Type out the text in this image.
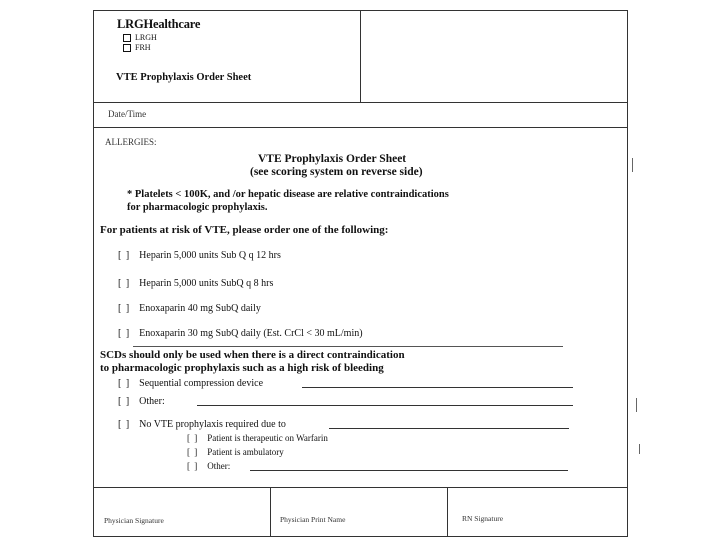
LRGHealthcare
LRGH
FRH
VTE Prophylaxis Order Sheet
Date/Time
ALLERGIES:
VTE Prophylaxis Order Sheet
(see scoring system on reverse side)
* Platelets < 100K, and /or hepatic disease are relative contraindications
for pharmacologic prophylaxis.
For patients at risk of VTE, please order one of the following:
[ ] Heparin 5,000 units Sub Q q 12 hrs
[ ] Heparin 5,000 units SubQ q 8 hrs
[ ] Enoxaparin 40 mg SubQ daily
[ ] Enoxaparin 30 mg SubQ daily (Est. CrCl < 30 mL/min)
SCDs should only be used when there is a direct contraindication
to pharmacologic prophylaxis such as a high risk of bleeding
[ ] Sequential compression device
[ ] Other:
[ ] No VTE prophylaxis required due to
[ ] Patient is therapeutic on Warfarin
[ ] Patient is ambulatory
[ ] Other:
Physician Signature	Physician Print Name	RN Signature
